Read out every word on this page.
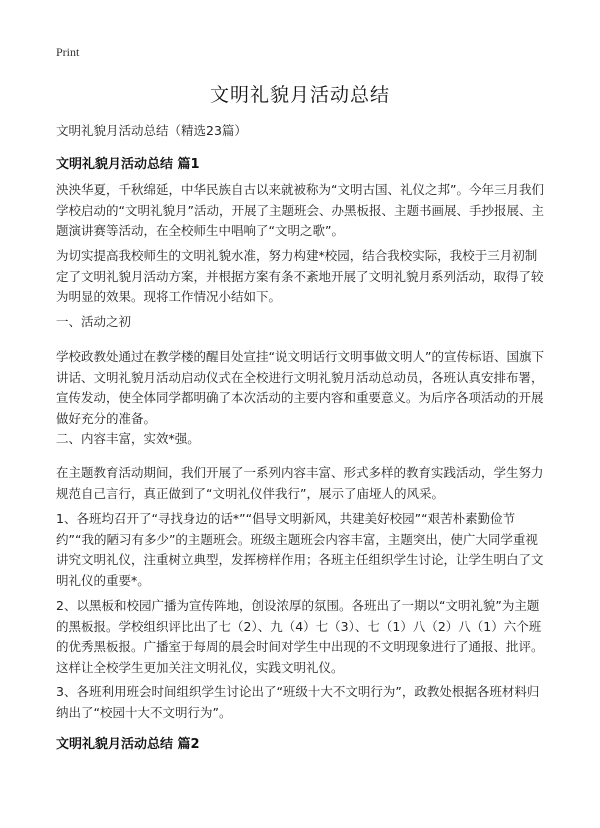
Print

文明礼貌月活动总结

文明礼貌月活动总结（精选23篇）

文明礼貌月活动总结 篇1

泱泱华夏，千秋绵延，中华民族自古以来就被称为“文明古国、礼仪之邦”。今年三月我们学校启动的“文明礼貌月”活动，开展了主题班会、办黑板报、主题书画展、手抄报展、主题演讲赛等活动，在全校师生中唱响了“文明之歌”。

为切实提高我校师生的文明礼貌水准，努力构建*校园，结合我校实际，我校于三月初制定了文明礼貌月活动方案，并根据方案有条不紊地开展了文明礼貌月系列活动，取得了较为明显的效果。现将工作情况小结如下。

一、活动之初

学校政教处通过在教学楼的醒目处宣挂“说文明话行文明事做文明人”的宣传标语、国旗下讲话、文明礼貌月活动启动仪式在全校进行文明礼貌月活动总动员，各班认真安排布署，宣传发动，使全体同学都明确了本次活动的主要内容和重要意义。为后序各项活动的开展做好充分的准备。

二、内容丰富，实效*强。

在主题教育活动期间，我们开展了一系列内容丰富、形式多样的教育实践活动，学生努力规范自己言行，真正做到了“文明礼仪伴我行”，展示了庙垭人的风采。

1、各班均召开了“寻找身边的话*”“倡导文明新风，共建美好校园”“艰苦朴素勤俭节约”“我的陋习有多少”的主题班会。班级主题班会内容丰富，主题突出，使广大同学重视讲究文明礼仪，注重树立典型，发挥榜样作用；各班主任组织学生讨论，让学生明白了文明礼仪的重要*。

2、以黑板和校园广播为宣传阵地，创设浓厚的氛围。各班出了一期以“文明礼貌”为主题的黑板报。学校组织评比出了七（2）、九（4）七（3）、七（1）八（2）八（1）六个班的优秀黑板报。广播室于每周的晨会时间对学生中出现的不文明现象进行了通报、批评。这样让全校学生更加关注文明礼仪，实践文明礼仪。

3、各班利用班会时间组织学生讨论出了“班级十大不文明行为”，政教处根据各班材料归纳出了“校园十大不文明行为”。

文明礼貌月活动总结 篇2
